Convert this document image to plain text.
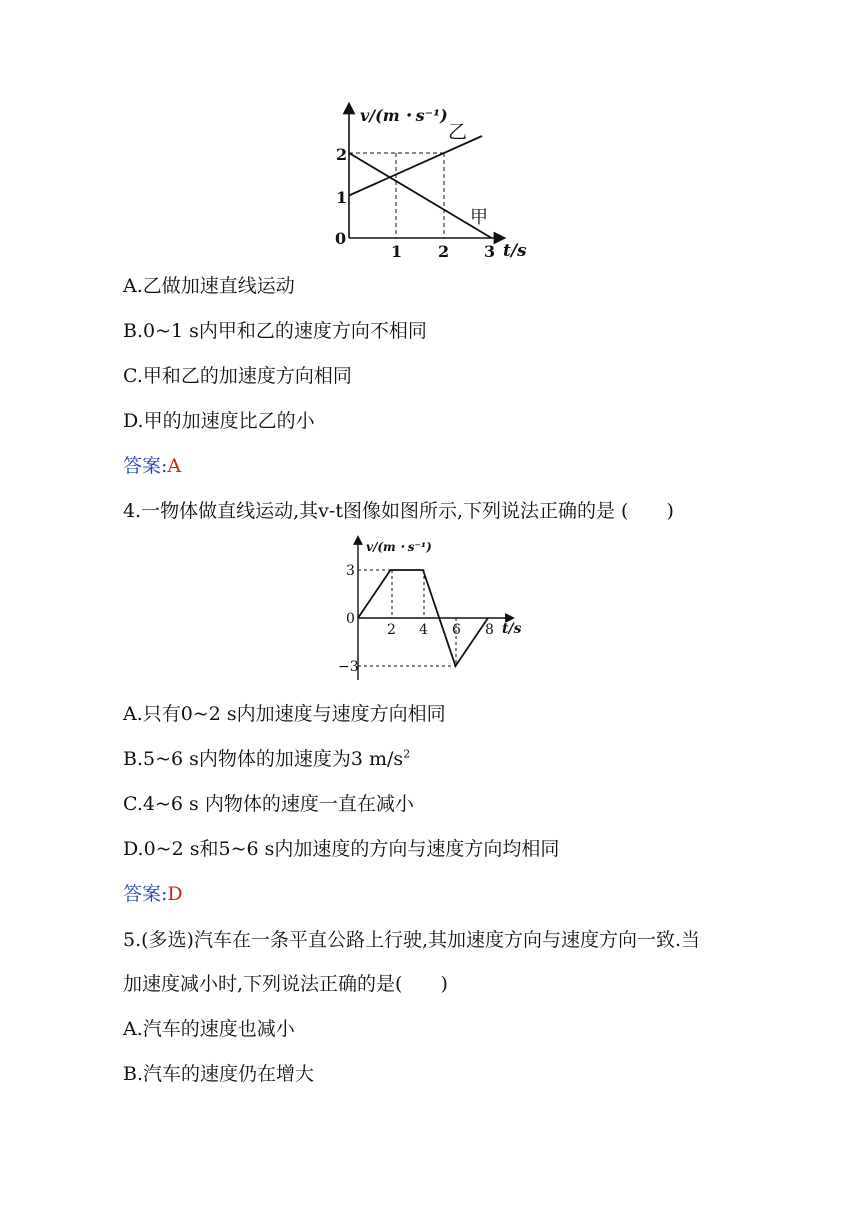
v/(m・s⁻¹)
t/s
0
1
2
1 2 3
乙
甲
A.乙做加速直线运动
B.0~1 s内甲和乙的速度方向不相同
C.甲和乙的加速度方向相同
D.甲的加速度比乙的小
答案:A
4.一物体做直线运动,其v-t图像如图所示,下列说法正确的是 (　　)
v/(m・s⁻¹)
t/s
0
3
−3
2 4 6 8
A.只有0~2 s内加速度与速度方向相同
B.5~6 s内物体的加速度为3 $m/s^2$
C.4~6 s 内物体的速度一直在减小
D.0~2 s和5~6 s内加速度的方向与速度方向均相同
答案:D
5.(多选)汽车在一条平直公路上行驶,其加速度方向与速度方向一致.当
加速度减小时,下列说法正确的是(　　)
A.汽车的速度也减小
B.汽车的速度仍在增大
